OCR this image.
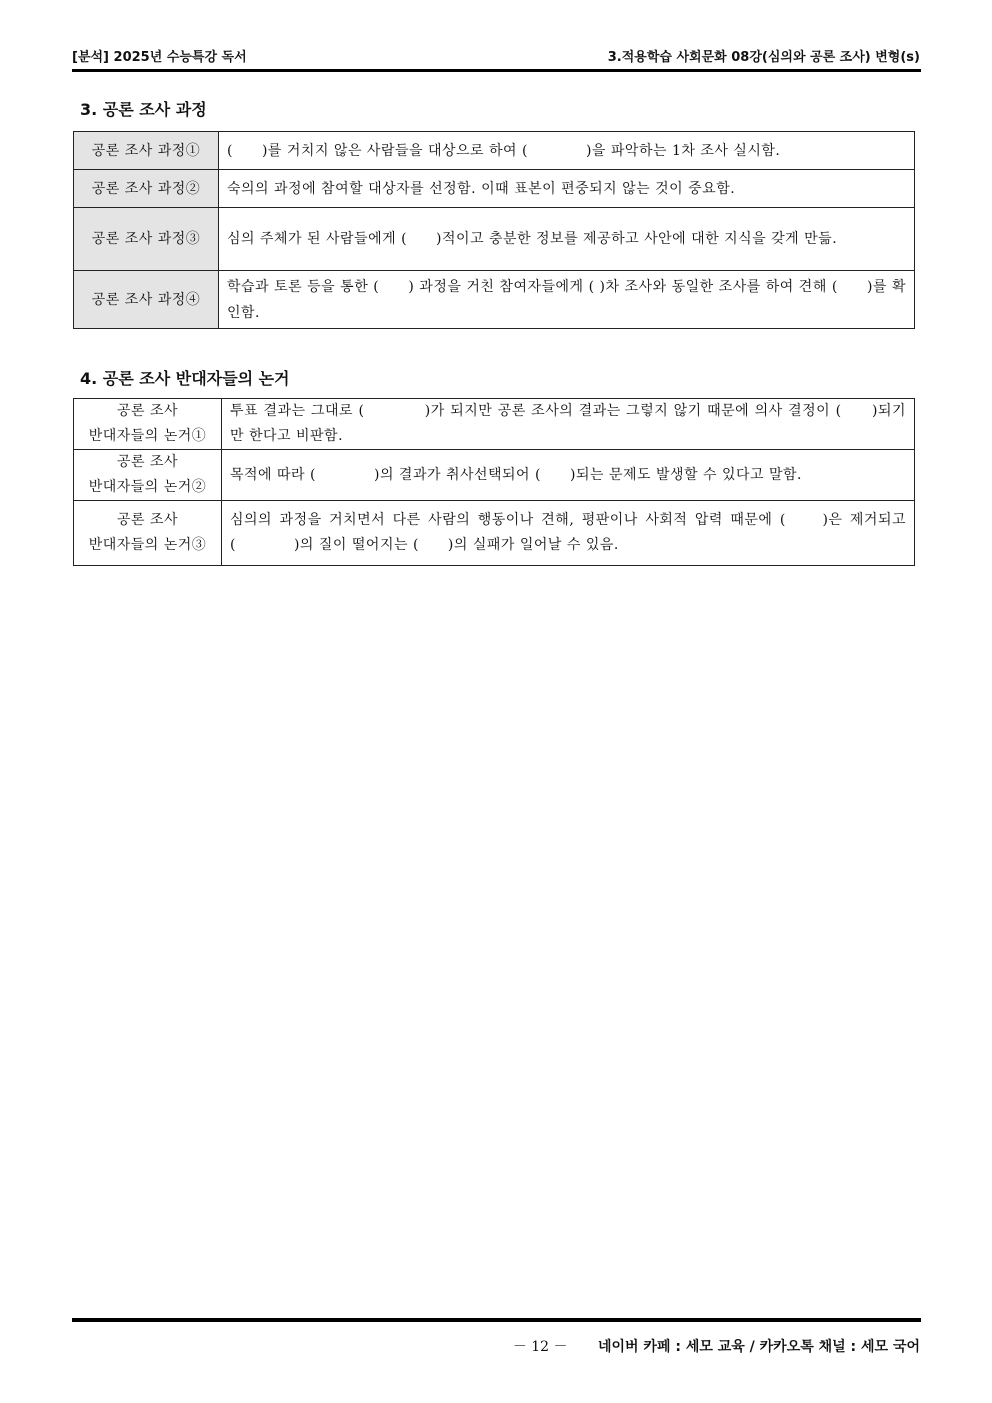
[분석] 2025년 수능특강 독서	3.적용학습 사회문화 08강(심의와 공론 조사) 변형(s)
3. 공론 조사 과정
공론 조사 과정①	(　　)를 거치지 않은 사람들을 대상으로 하여 (　　　　)을 파악하는 1차 조사 실시함.
공론 조사 과정②	숙의의 과정에 참여할 대상자를 선정함. 이때 표본이 편중되지 않는 것이 중요함.
공론 조사 과정③	심의 주체가 된 사람들에게 (　　)적이고 충분한 정보를 제공하고 사안에 대한 지식을 갖게 만듦.
공론 조사 과정④	학습과 토론 등을 통한 (　　) 과정을 거친 참여자들에게 ( )차 조사와 동일한 조사를 하여 견해 (　　)를 확인함.
4. 공론 조사 반대자들의 논거
공론 조사
반대자들의 논거①	투표 결과는 그대로 (　　　　)가 되지만 공론 조사의 결과는 그렇지 않기 때문에 의사 결정이 (　　)되기만 한다고 비판함.
공론 조사
반대자들의 논거②	목적에 따라 (　　　　)의 결과가 취사선택되어 (　　)되는 문제도 발생할 수 있다고 말함.
공론 조사
반대자들의 논거③	심의의 과정을 거치면서 다른 사람의 행동이나 견해, 평판이나 사회적 압력 때문에 (　　)은 제거되고 (　　　　)의 질이 떨어지는 (　　)의 실패가 일어날 수 있음.
－ 12 － 네이버 카페 : 세모 교육 / 카카오톡 채널 : 세모 국어
